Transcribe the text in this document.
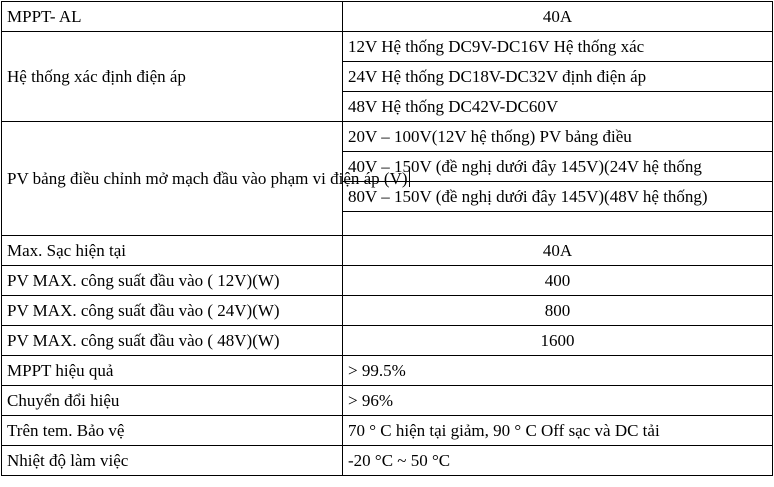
MPPT- AL	40A
Hệ thống xác định điện áp	12V Hệ thống DC9V-DC16V Hệ thống xác
	24V Hệ thống DC18V-DC32V định điện áp
	48V Hệ thống DC42V-DC60V
PV bảng điều chỉnh mở mạch đầu vào phạm vi điện áp (V)	20V – 100V(12V hệ thống) PV bảng điều
	40V – 150V (đề nghị dưới đây 145V)(24V hệ thống
	80V – 150V (đề nghị dưới đây 145V)(48V hệ thống)

Max. Sạc hiện tại	40A
PV MAX. công suất đầu vào ( 12V)(W)	400
PV MAX. công suất đầu vào ( 24V)(W)	800
PV MAX. công suất đầu vào ( 48V)(W)	1600
MPPT hiệu quả	> 99.5%
Chuyển đổi hiệu	> 96%
Trên tem. Bảo vệ	70 ° C hiện tại giảm, 90 ° C Off sạc và DC tải
Nhiệt độ làm việc	-20 °C ~ 50 °C
